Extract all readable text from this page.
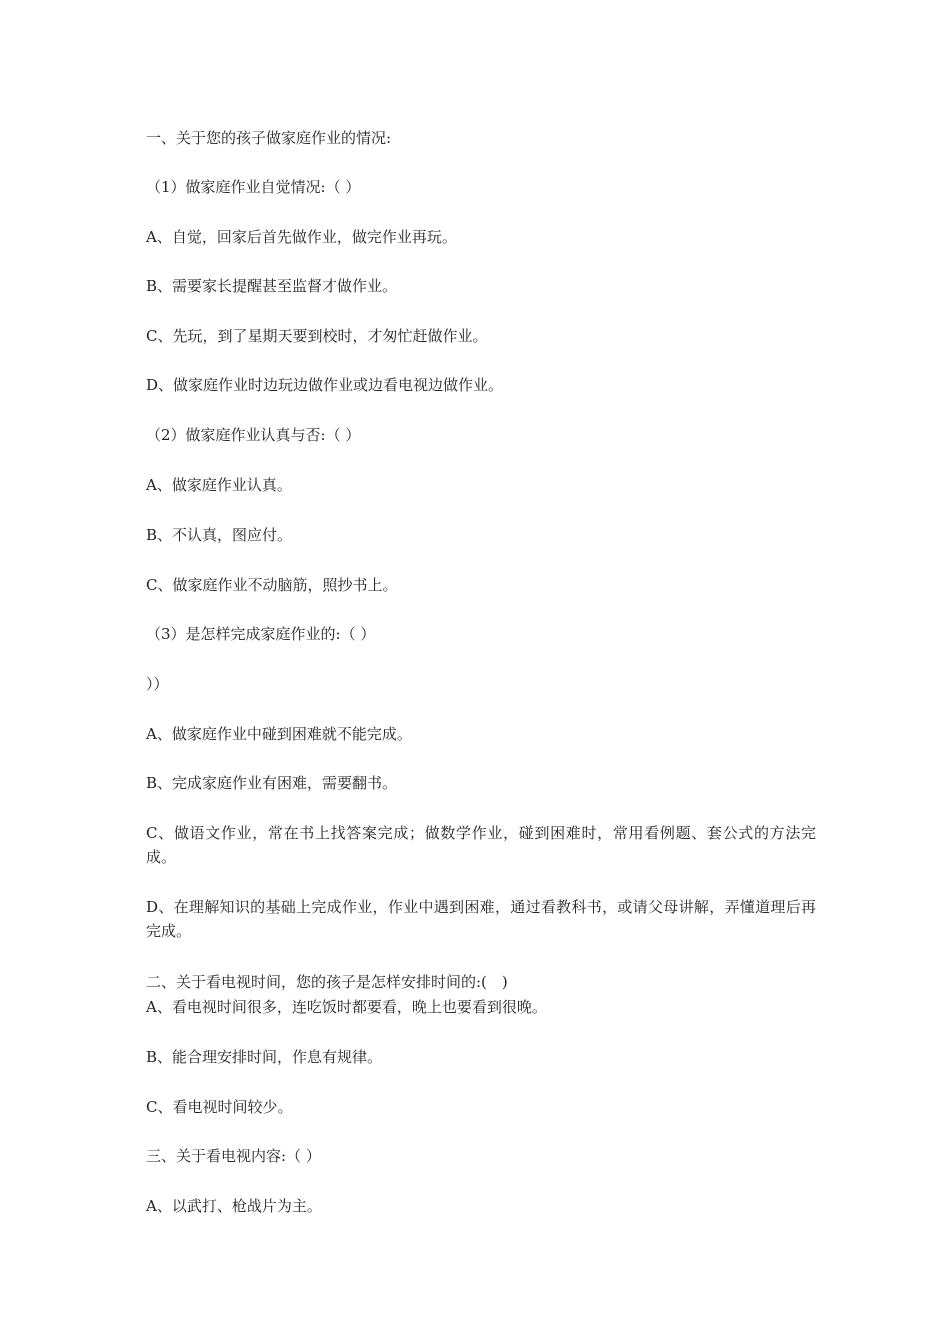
一、关于您的孩子做家庭作业的情况:
（1）做家庭作业自觉情况:（ ）
A、自觉，回家后首先做作业，做完作业再玩。
B、需要家长提醒甚至监督才做作业。
C、先玩，到了星期天要到校时，才匆忙赶做作业。
D、做家庭作业时边玩边做作业或边看电视边做作业。
（2）做家庭作业认真与否:（ ）
A、做家庭作业认真。
B、不认真，图应付。
C、做家庭作业不动脑筋，照抄书上。
（3）是怎样完成家庭作业的:（ ）
））
A、做家庭作业中碰到困难就不能完成。
B、完成家庭作业有困难，需要翻书。
C、做语文作业，常在书上找答案完成；做数学作业，碰到困难时，常用看例题、套公式的方法完成。
D、在理解知识的基础上完成作业，作业中遇到困难，通过看教科书，或请父母讲解，弄懂道理后再完成。
二、关于看电视时间，您的孩子是怎样安排时间的:(　)
A、看电视时间很多，连吃饭时都要看，晚上也要看到很晚。
B、能合理安排时间，作息有规律。
C、看电视时间较少。
三、关于看电视内容:（ ）
A、以武打、枪战片为主。
